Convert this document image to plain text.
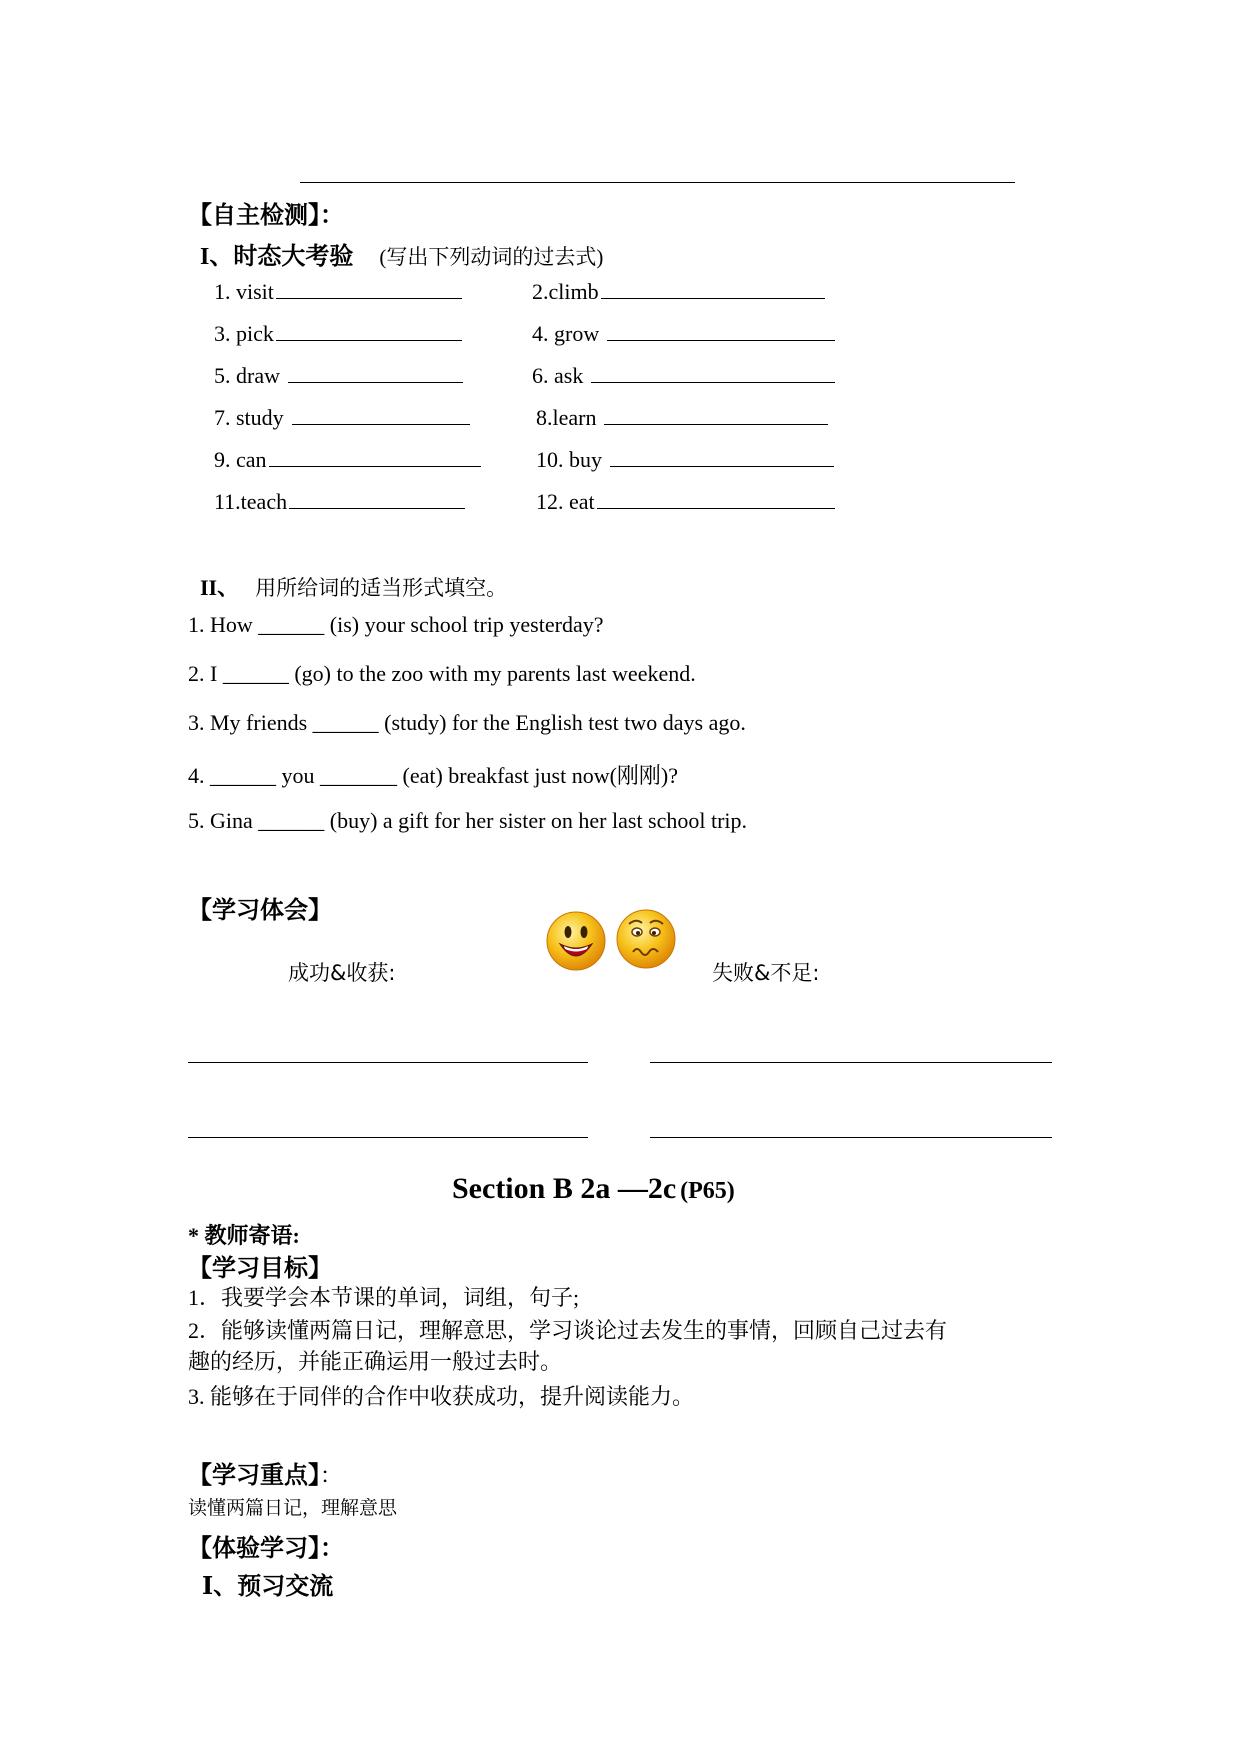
【自主检测】：
I、时态大考验 (写出下列动词的过去式)
1. visit	2.climb
3. pick	4. grow
5. draw	6. ask
7. study	8.learn
9. can	10. buy
11.teach	12. eat
II、 用所给词的适当形式填空。
1. How ______ (is) your school trip yesterday?
2. I ______ (go) to the zoo with my parents last weekend.
3. My friends ______ (study) for the English test two days ago.
4. ______ you _______ (eat) breakfast just now(刚刚)?
5. Gina ______ (buy) a gift for her sister on her last school trip.
【学习体会】
成功&收获:	失败&不足:
Section B 2a —2c (P65)
* 教师寄语:
【学习目标】
1．我要学会本节课的单词，词组，句子;
2．能够读懂两篇日记，理解意思，学习谈论过去发生的事情，回顾自己过去有
趣的经历，并能正确运用一般过去时。
3. 能够在于同伴的合作中收获成功，提升阅读能力。
【学习重点】：
读懂两篇日记，理解意思
【体验学习】：
Ⅰ、预习交流
